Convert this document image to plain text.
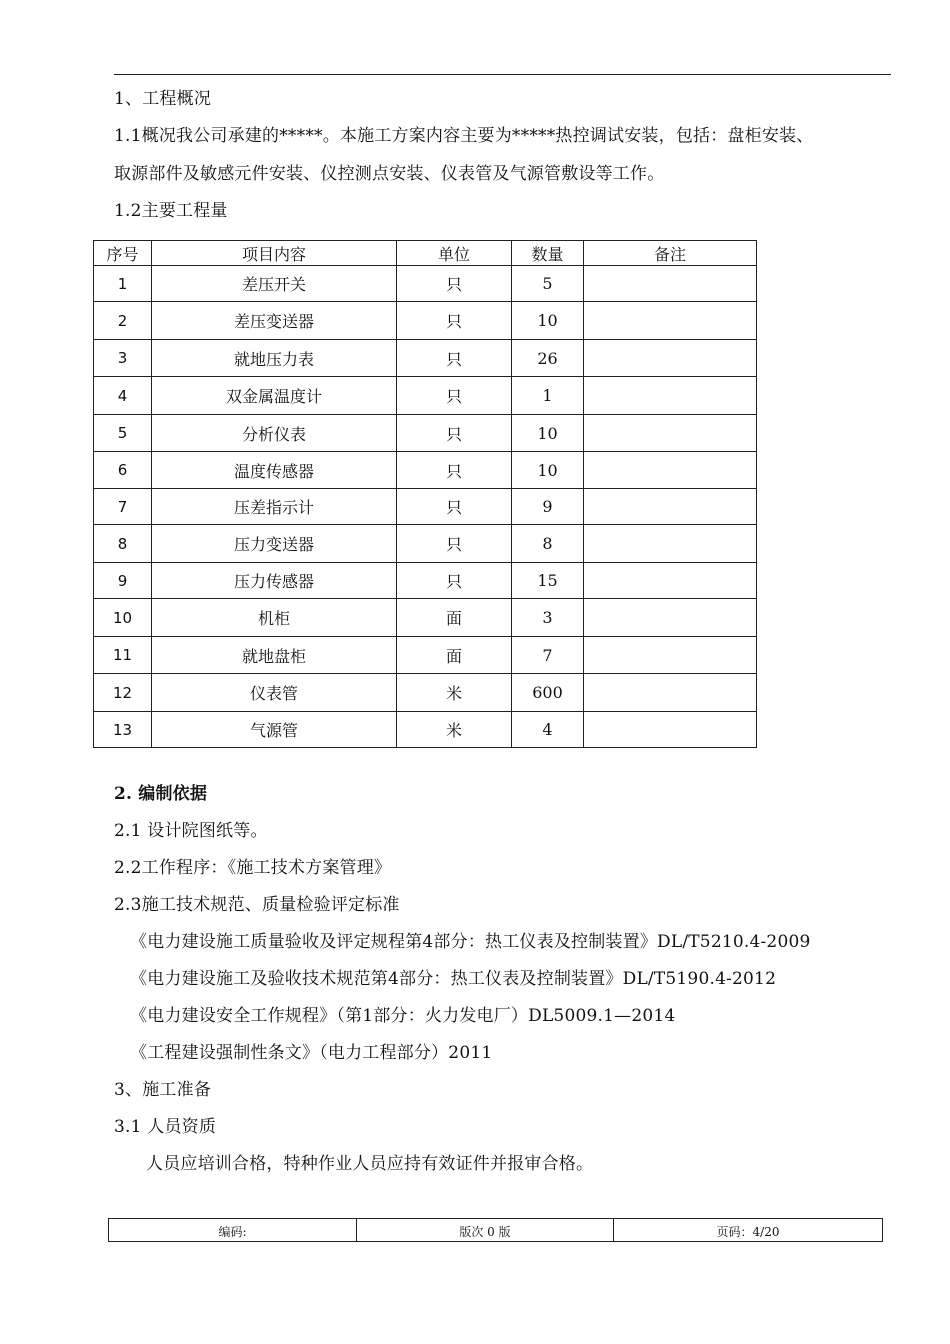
1、工程概况
1.1概况我公司承建的*****。本施工方案内容主要为*****热控调试安装，包括：盘柜安装、
取源部件及敏感元件安装、仪控测点安装、仪表管及气源管敷设等工作。
1.2主要工程量
序号	项目内容	单位	数量	备注
1	差压开关	只	5	
2	差压变送器	只	10	
3	就地压力表	只	26	
4	双金属温度计	只	1	
5	分析仪表	只	10	
6	温度传感器	只	10	
7	压差指示计	只	9	
8	压力变送器	只	8	
9	压力传感器	只	15	
10	机柜	面	3	
11	就地盘柜	面	7	
12	仪表管	米	600	
13	气源管	米	4	
2. 编制依据
2.1 设计院图纸等。
2.2工作程序：《施工技术方案管理》
2.3施工技术规范、质量检验评定标准
《电力建设施工质量验收及评定规程第4部分：热工仪表及控制装置》DL/T5210.4-2009
《电力建设施工及验收技术规范第4部分：热工仪表及控制装置》DL/T5190.4-2012
《电力建设安全工作规程》（第1部分：火力发电厂）DL5009.1—2014
《工程建设强制性条文》（电力工程部分）2011
3、施工准备
3.1 人员资质
人员应培训合格，特种作业人员应持有效证件并报审合格。
编码:	版次 0 版	页码：4/20
